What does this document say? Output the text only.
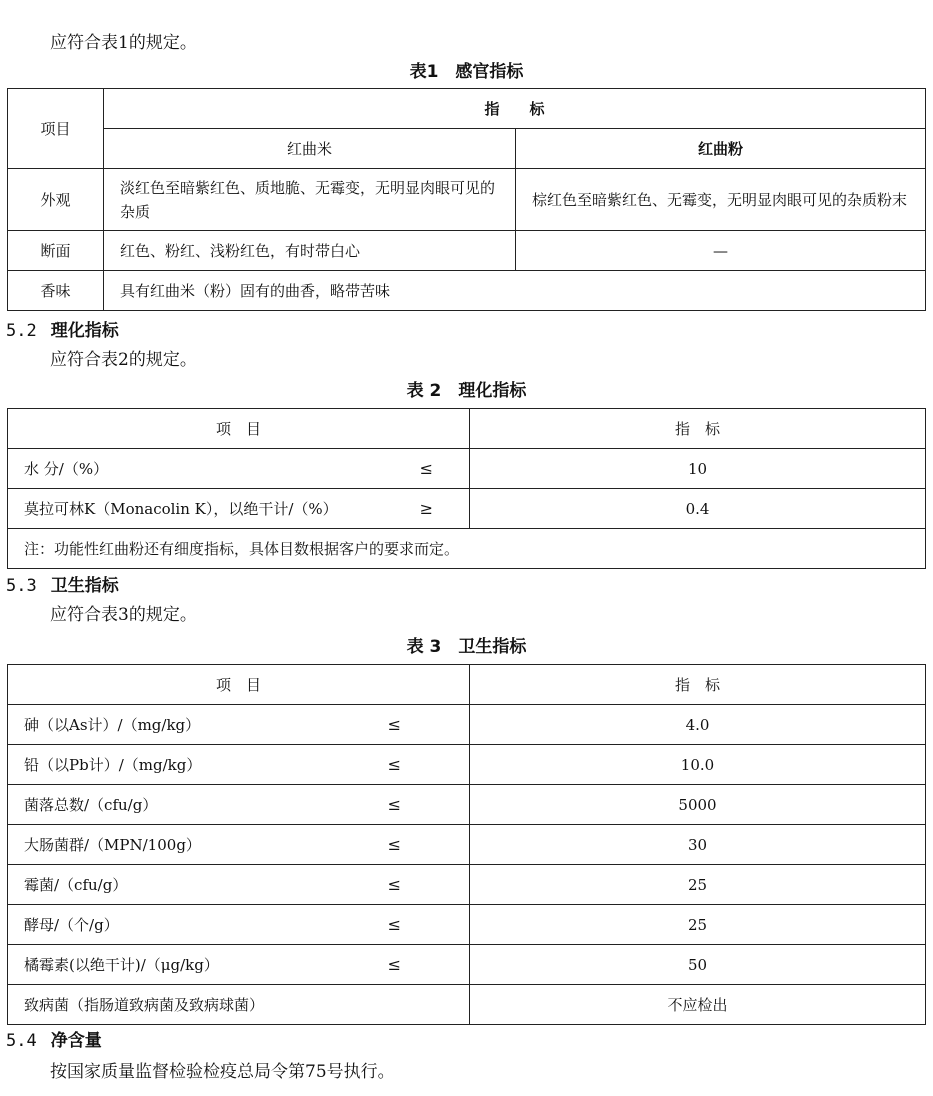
应符合表1的规定。
表1　感官指标
项目	指　　标	
	红曲米	红曲粉
外观	淡红色至暗紫红色、质地脆、无霉变，无明显肉眼可见的杂质	棕红色至暗紫红色、无霉变，无明显肉眼可见的杂质粉末
断面	红色、粉红、浅粉红色，有时带白心	—
香味	具有红曲米（粉）固有的曲香，略带苦味	
5.2 理化指标
应符合表2的规定。
表 2　理化指标
项　目	指　标

水 分/（%） ≤	10

莫拉可林K（Monacolin K），以绝干计/（%） ≥	0.4
注：功能性红曲粉还有细度指标，具体目数根据客户的要求而定。	
5.3 卫生指标
应符合表3的规定。
表 3　卫生指标
项　目	指　标

砷（以As计）/（mg/kg） ≤	4.0

铅（以Pb计）/（mg/kg） ≤	10.0

菌落总数/（cfu/g） ≤	5000

大肠菌群/（MPN/100g） ≤	30

霉菌/（cfu/g） ≤	25

酵母/（个/g） ≤	25

橘霉素(以绝干计)/（μg/kg） ≤	50
致病菌（指肠道致病菌及致病球菌）	不应检出
5.4 净含量
按国家质量监督检验检疫总局令第75号执行。
